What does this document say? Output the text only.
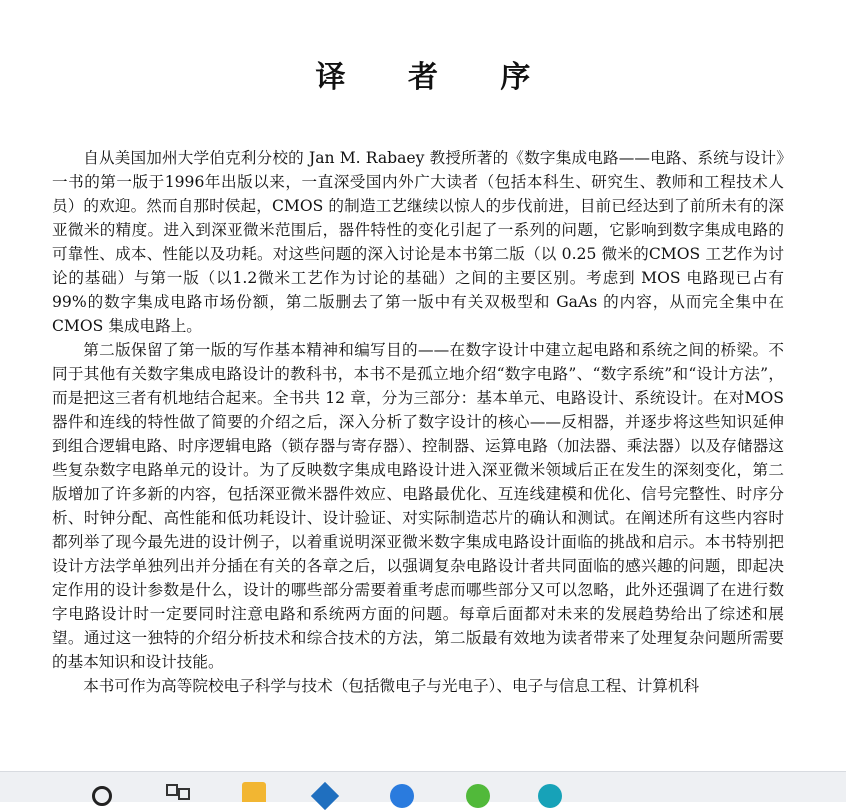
译 者 序

自从美国加州大学伯克利分校的 Jan M. Rabaey 教授所著的《数字集成电路——电路、系统与设计》一书的第一版于1996年出版以来，一直深受国内外广大读者（包括本科生、研究生、教师和工程技术人员）的欢迎。然而自那时侯起，CMOS 的制造工艺继续以惊人的步伐前进，目前已经达到了前所未有的深亚微米的精度。进入到深亚微米范围后，器件特性的变化引起了一系列的问题，它影响到数字集成电路的可靠性、成本、性能以及功耗。对这些问题的深入讨论是本书第二版（以 0.25 微米的CMOS 工艺作为讨论的基础）与第一版（以1.2微米工艺作为讨论的基础）之间的主要区别。考虑到 MOS 电路现已占有 99%的数字集成电路市场份额，第二版删去了第一版中有关双极型和 GaAs 的内容，从而完全集中在 CMOS 集成电路上。

第二版保留了第一版的写作基本精神和编写目的——在数字设计中建立起电路和系统之间的桥梁。不同于其他有关数字集成电路设计的教科书，本书不是孤立地介绍“数字电路”、“数字系统”和“设计方法”，而是把这三者有机地结合起来。全书共 12 章，分为三部分：基本单元、电路设计、系统设计。在对MOS器件和连线的特性做了简要的介绍之后，深入分析了数字设计的核心——反相器，并逐步将这些知识延伸到组合逻辑电路、时序逻辑电路（锁存器与寄存器）、控制器、运算电路（加法器、乘法器）以及存储器这些复杂数字电路单元的设计。为了反映数字集成电路设计进入深亚微米领域后正在发生的深刻变化，第二版增加了许多新的内容，包括深亚微米器件效应、电路最优化、互连线建模和优化、信号完整性、时序分析、时钟分配、高性能和低功耗设计、设计验证、对实际制造芯片的确认和测试。在阐述所有这些内容时都列举了现今最先进的设计例子，以着重说明深亚微米数字集成电路设计面临的挑战和启示。本书特别把设计方法学单独列出并分插在有关的各章之后，以强调复杂电路设计者共同面临的感兴趣的问题，即起决定作用的设计参数是什么，设计的哪些部分需要着重考虑而哪些部分又可以忽略，此外还强调了在进行数字电路设计时一定要同时注意电路和系统两方面的问题。每章后面都对未来的发展趋势给出了综述和展望。通过这一独特的介绍分析技术和综合技术的方法，第二版最有效地为读者带来了处理复杂问题所需要的基本知识和设计技能。

本书可作为高等院校电子科学与技术（包括微电子与光电子）、电子与信息工程、计算机科
